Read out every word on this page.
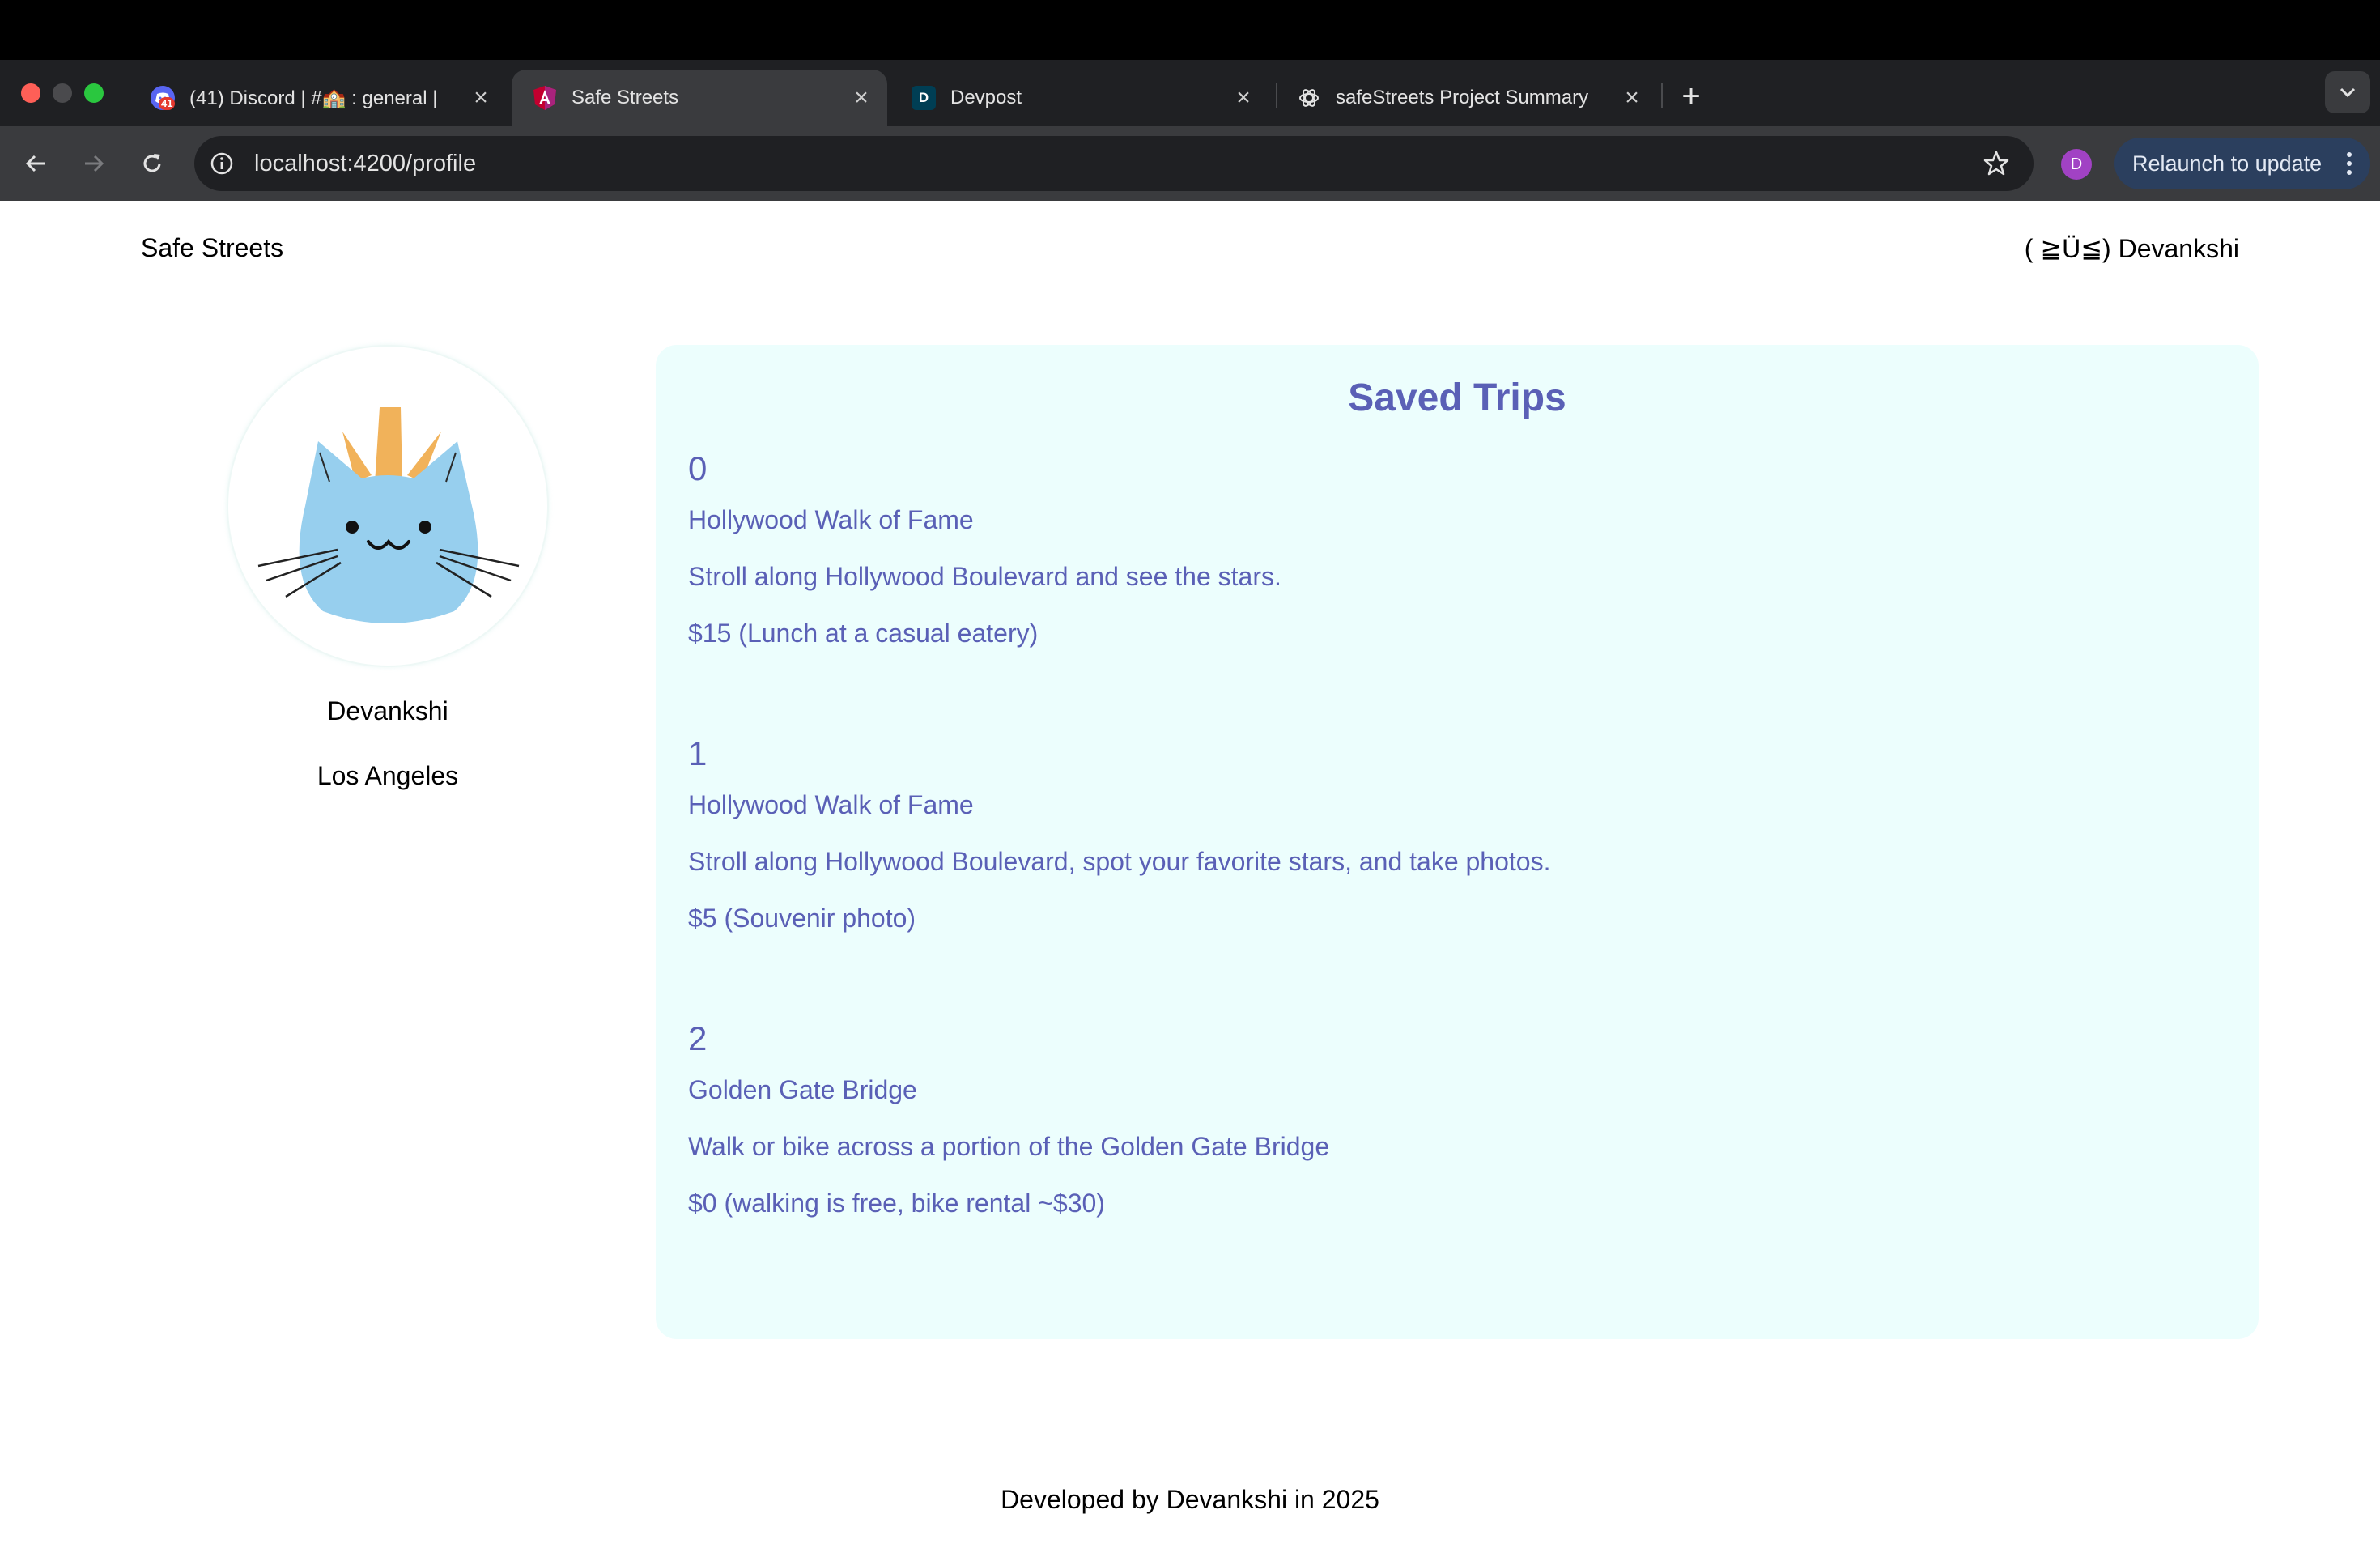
41 (41) Discord | #🏫 : general |	×	Safe Streets	×	D	Devpost	×	safeStreets Project Summary	× +
localhost:4200/profile	D	Relaunch to update
Safe Streets	( ≧Ü≦) Devankshi
Devankshi
Los Angeles
Saved Trips
0
Hollywood Walk of Fame
Stroll along Hollywood Boulevard and see the stars.
$15 (Lunch at a casual eatery)
1
Hollywood Walk of Fame
Stroll along Hollywood Boulevard, spot your favorite stars, and take photos.
$5 (Souvenir photo)
2
Golden Gate Bridge
Walk or bike across a portion of the Golden Gate Bridge
$0 (walking is free, bike rental ~$30)
Developed by Devankshi in 2025
